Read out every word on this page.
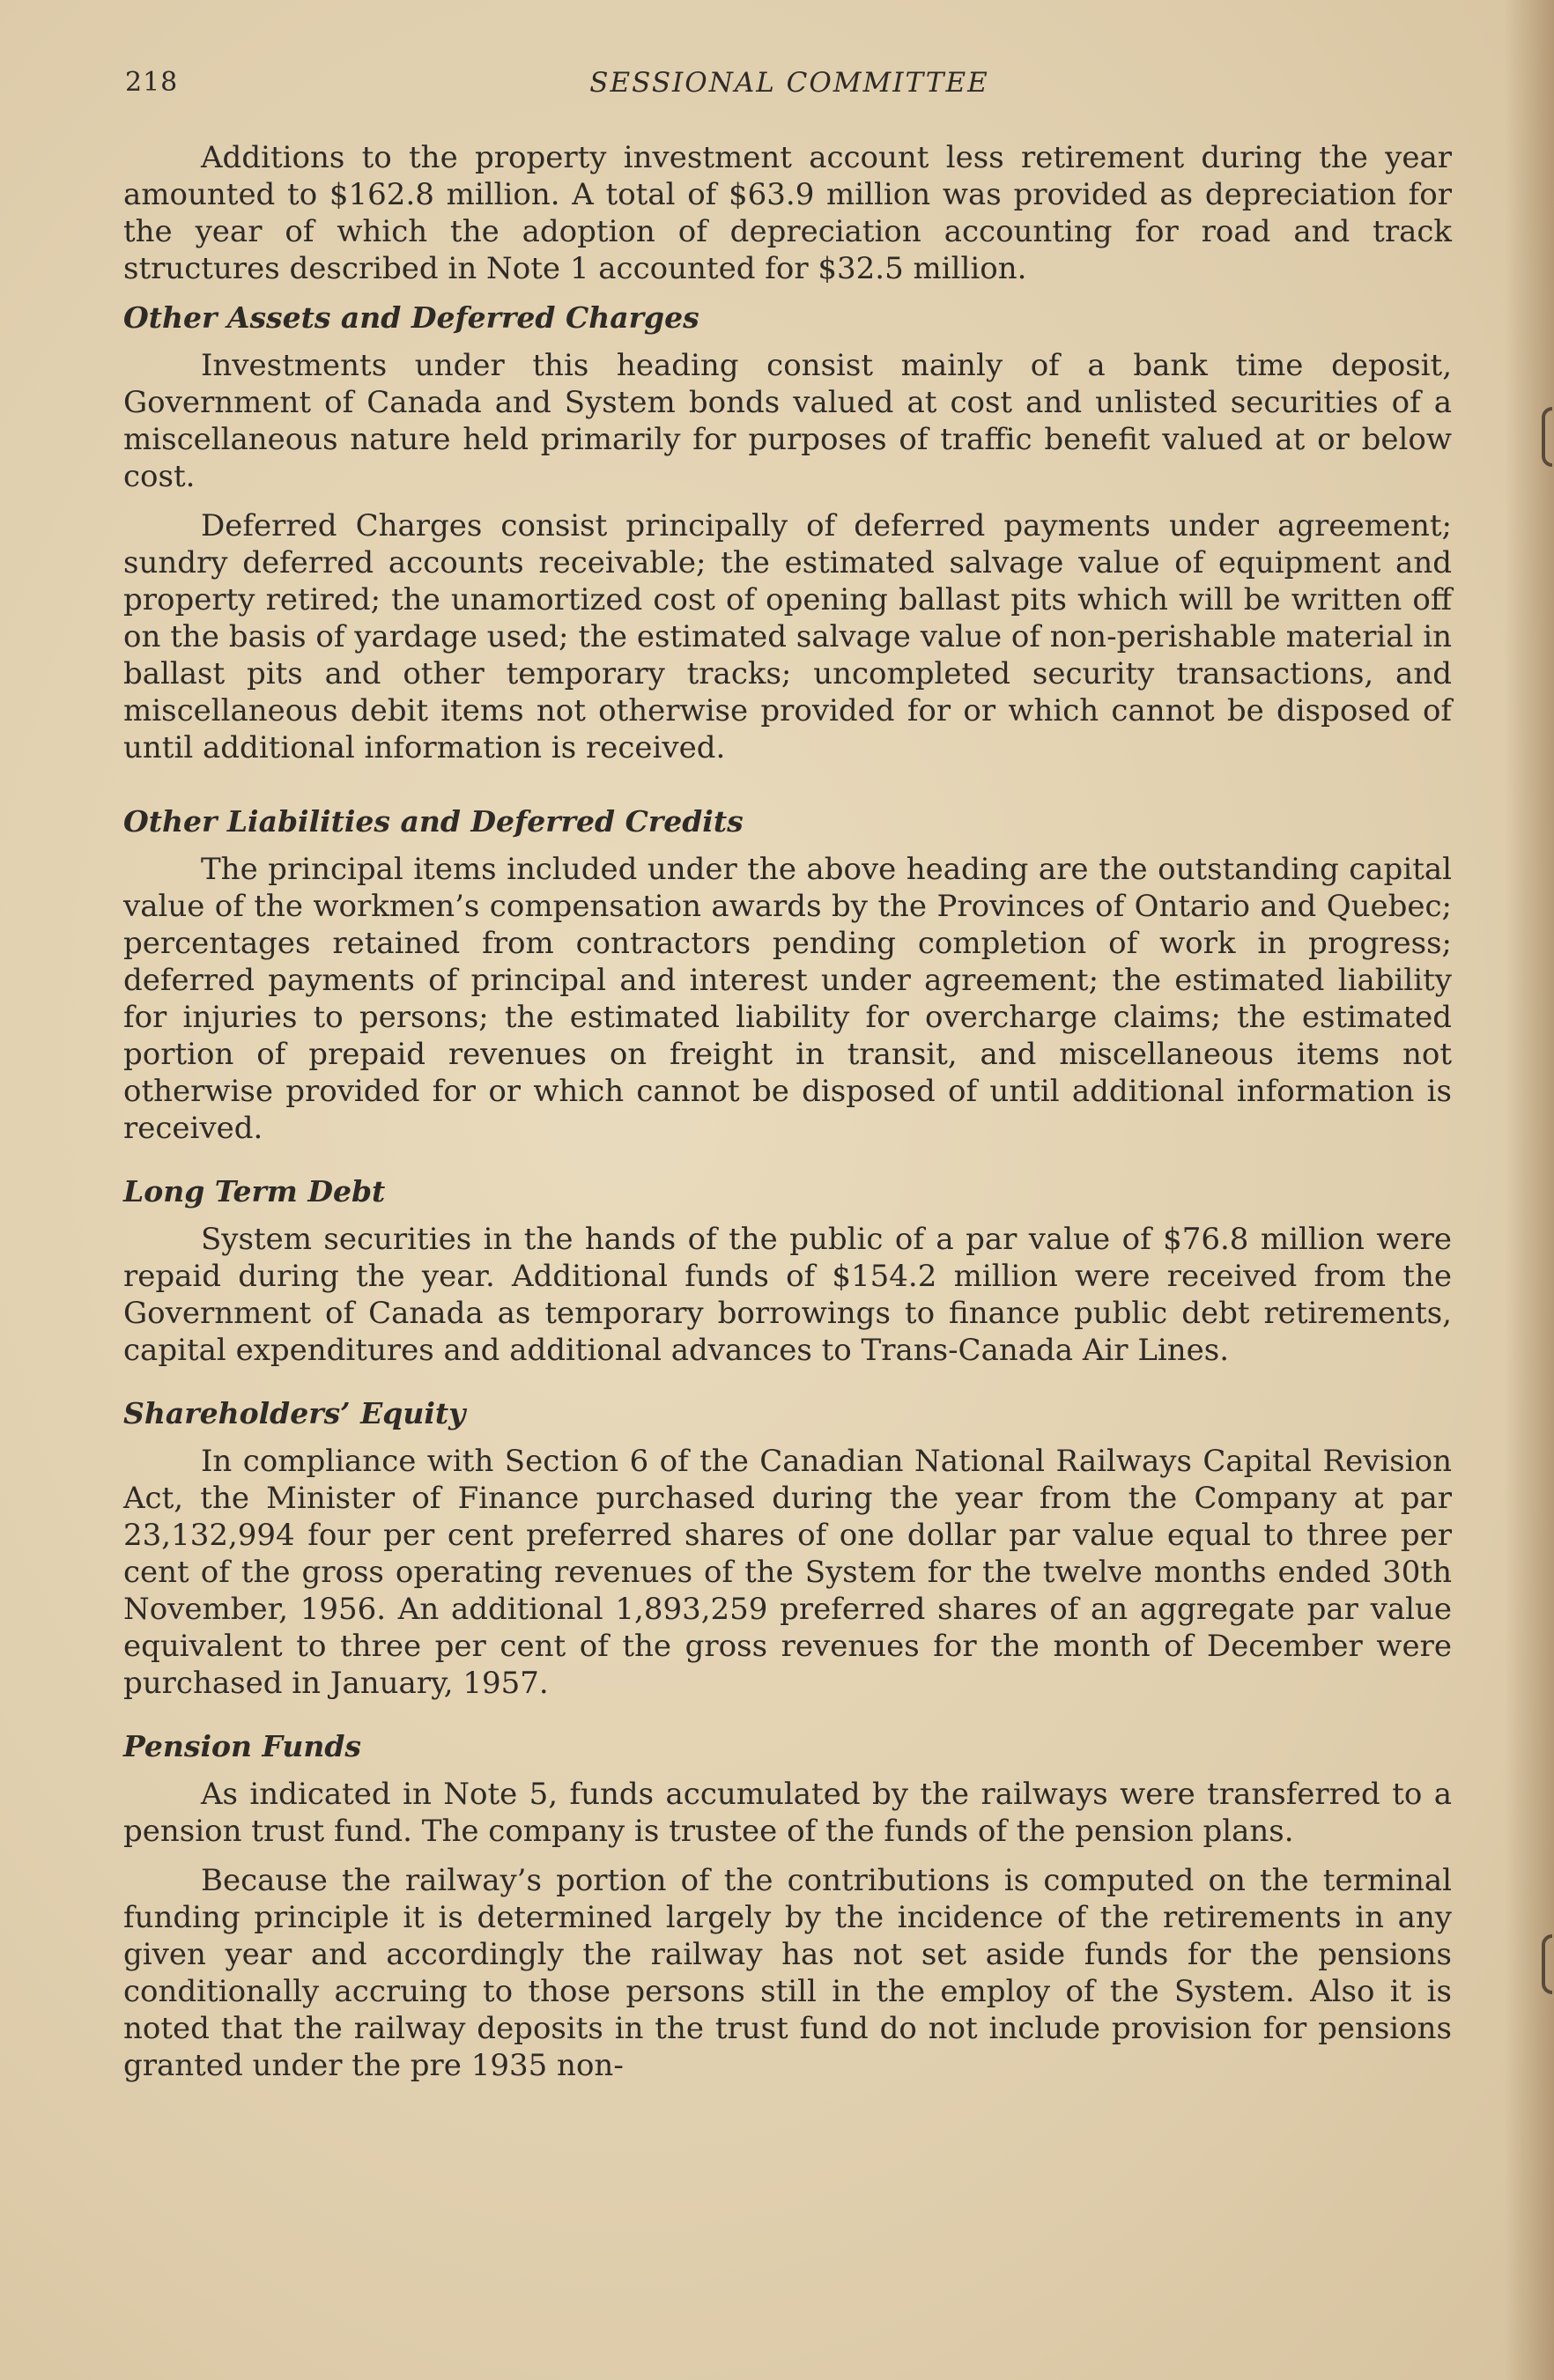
218	SESSIONAL COMMITTEE

Additions to the property investment account less retirement during the year amounted to $162.8 million. A total of $63.9 million was provided as depreciation for the year of which the adoption of depreciation accounting for road and track structures described in Note 1 accounted for $32.5 million.

Other Assets and Deferred Charges

Investments under this heading consist mainly of a bank time deposit, Government of Canada and System bonds valued at cost and unlisted securities of a miscellaneous nature held primarily for purposes of traffic benefit valued at or below cost.

Deferred Charges consist principally of deferred payments under agreement; sundry deferred accounts receivable; the estimated salvage value of equipment and property retired; the unamortized cost of opening ballast pits which will be written off on the basis of yardage used; the estimated salvage value of non-perishable material in ballast pits and other temporary tracks; uncompleted security transactions, and miscellaneous debit items not otherwise provided for or which cannot be disposed of until additional information is received.

Other Liabilities and Deferred Credits

The principal items included under the above heading are the outstanding capital value of the workmen’s compensation awards by the Provinces of Ontario and Quebec; percentages retained from contractors pending completion of work in progress; deferred payments of principal and interest under agreement; the estimated liability for injuries to persons; the estimated liability for overcharge claims; the estimated portion of prepaid revenues on freight in transit, and miscellaneous items not otherwise provided for or which cannot be disposed of until additional information is received.

Long Term Debt

System securities in the hands of the public of a par value of $76.8 million were repaid during the year. Additional funds of $154.2 million were received from the Government of Canada as temporary borrowings to finance public debt retirements, capital expenditures and additional advances to Trans-Canada Air Lines.

Shareholders’ Equity

In compliance with Section 6 of the Canadian National Railways Capital Revision Act, the Minister of Finance purchased during the year from the Company at par 23,132,994 four per cent preferred shares of one dollar par value equal to three per cent of the gross operating revenues of the System for the twelve months ended 30th November, 1956. An additional 1,893,259 preferred shares of an aggregate par value equivalent to three per cent of the gross revenues for the month of December were purchased in January, 1957.

Pension Funds

As indicated in Note 5, funds accumulated by the railways were transferred to a pension trust fund. The company is trustee of the funds of the pension plans.

Because the railway’s portion of the contributions is computed on the terminal funding principle it is determined largely by the incidence of the retirements in any given year and accordingly the railway has not set aside funds for the pensions conditionally accruing to those persons still in the employ of the System. Also it is noted that the railway deposits in the trust fund do not include provision for pensions granted under the pre 1935 non-
